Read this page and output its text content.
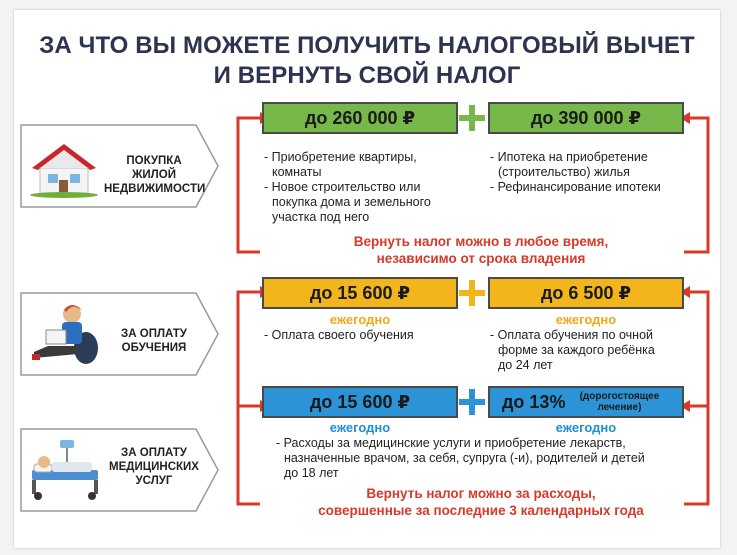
ЗА ЧТО ВЫ МОЖЕТЕ ПОЛУЧИТЬ НАЛОГОВЫЙ ВЫЧЕТ
И ВЕРНУТЬ СВОЙ НАЛОГ
ПОКУПКА ЖИЛОЙ НЕДВИЖИМОСТИ
до 260 000 ₽	до 390 000 ₽
- Приобретение квартиры,
комнаты
- Новое строительство или
покупка дома и земельного
участка под него
- Ипотека на приобретение
(строительство) жилья
- Рефинансирование ипотеки
Вернуть налог можно в любое время,
независимо от срока владения
ЗА ОПЛАТУ ОБУЧЕНИЯ
до 15 600 ₽	до 6 500 ₽
ежегодно	ежегодно
- Оплата своего обучения	- Оплата обучения по очной
форме за каждого ребёнка
до 24 лет
до 15 600 ₽	до 13%	(дорогостоящее лечение)
ежегодно	ежегодно
ЗА ОПЛАТУ МЕДИЦИНСКИХ УСЛУГ
- Расходы за медицинские услуги и приобретение лекарств,
назначенные врачом, за себя, супруга (-и), родителей и детей
до 18 лет
Вернуть налог можно за расходы,
совершенные за последние 3 календарных года
